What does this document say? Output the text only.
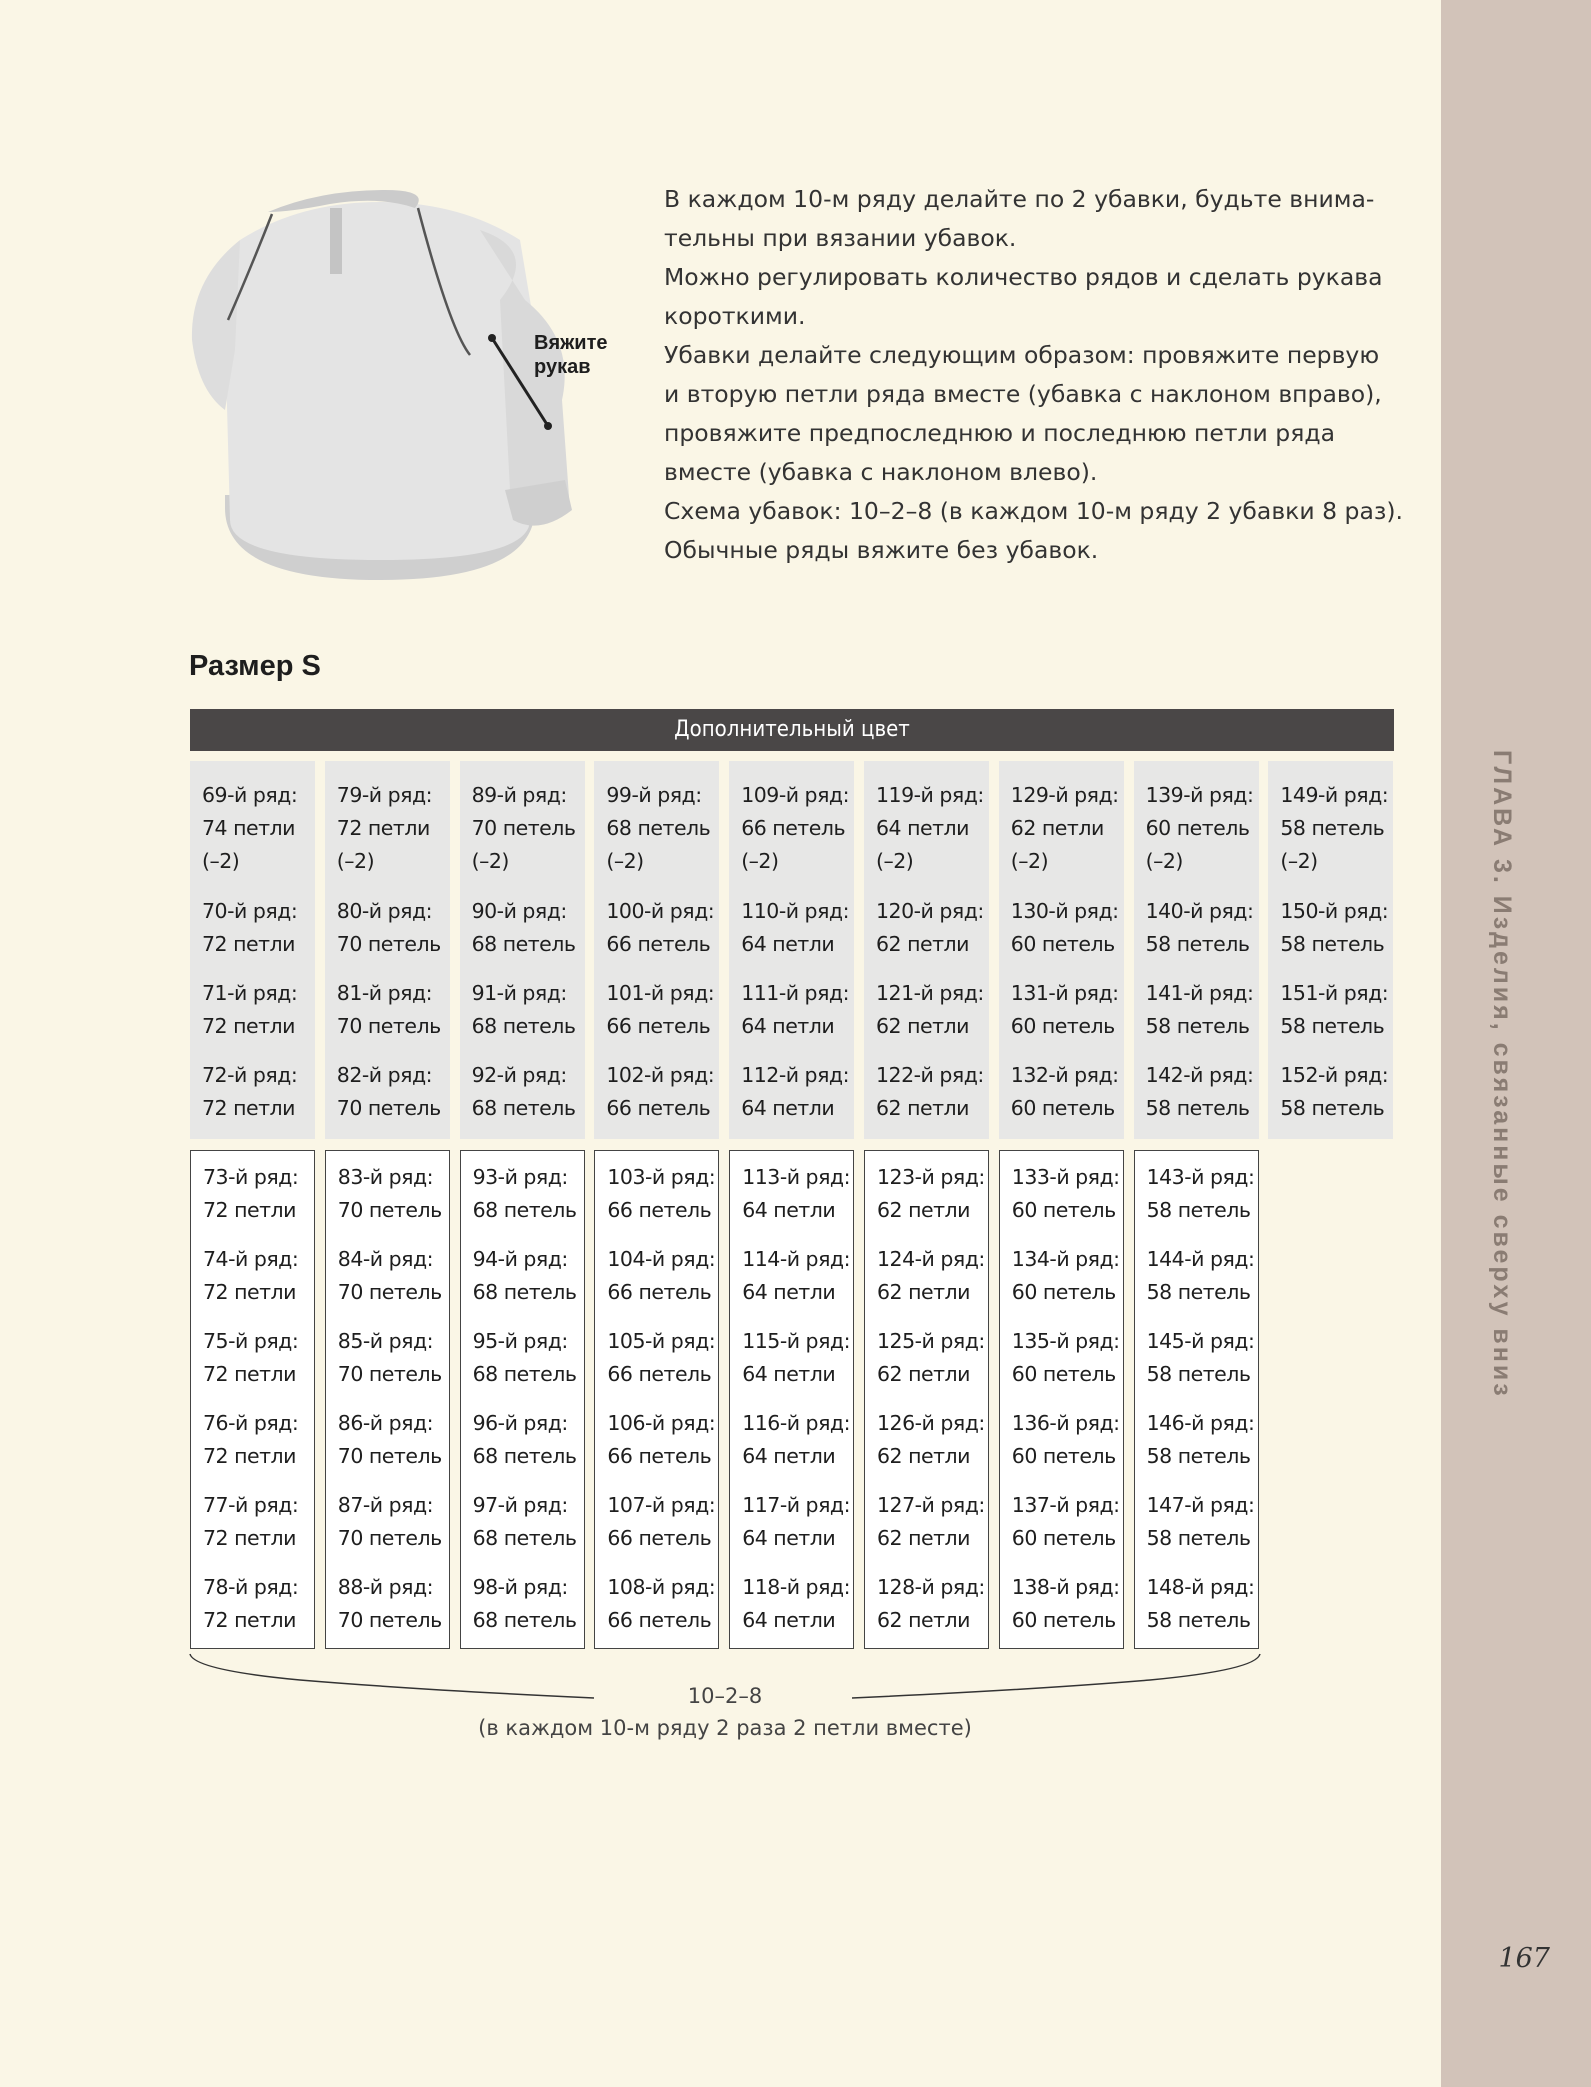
ГЛАВА 3. Изделия, связанные сверху вниз
167
Вяжите
рукав

В каждом 10-м ряду делайте по 2 убавки, будьте внима-

тельны при вязании убавок.

Можно регулировать количество рядов и сделать рукава

короткими.

Убавки делайте следующим образом: провяжите первую

и вторую петли ряда вместе (убавка с наклоном вправо),

провяжите предпоследнюю и последнюю петли ряда

вместе (убавка с наклоном влево).

Схема убавок: 10–2–8 (в каждом 10-м ряду 2 убавки 8 раз).

Обычные ряды вяжите без убавок.

Размер S
Дополнительный цвет
69-й ряд:
74 петли
(–2)
70-й ряд:
72 петли
71-й ряд:
72 петли
72-й ряд:
72 петли
79-й ряд:
72 петли
(–2)
80-й ряд:
70 петель
81-й ряд:
70 петель
82-й ряд:
70 петель
89-й ряд:
70 петель
(–2)
90-й ряд:
68 петель
91-й ряд:
68 петель
92-й ряд:
68 петель
99-й ряд:
68 петель
(–2)
100-й ряд:
66 петель
101-й ряд:
66 петель
102-й ряд:
66 петель
109-й ряд:
66 петель
(–2)
110-й ряд:
64 петли
111-й ряд:
64 петли
112-й ряд:
64 петли
119-й ряд:
64 петли
(–2)
120-й ряд:
62 петли
121-й ряд:
62 петли
122-й ряд:
62 петли
129-й ряд:
62 петли
(–2)
130-й ряд:
60 петель
131-й ряд:
60 петель
132-й ряд:
60 петель
139-й ряд:
60 петель
(–2)
140-й ряд:
58 петель
141-й ряд:
58 петель
142-й ряд:
58 петель
149-й ряд:
58 петель
(–2)
150-й ряд:
58 петель
151-й ряд:
58 петель
152-й ряд:
58 петель
73-й ряд:
72 петли
74-й ряд:
72 петли
75-й ряд:
72 петли
76-й ряд:
72 петли
77-й ряд:
72 петли
78-й ряд:
72 петли
83-й ряд:
70 петель
84-й ряд:
70 петель
85-й ряд:
70 петель
86-й ряд:
70 петель
87-й ряд:
70 петель
88-й ряд:
70 петель
93-й ряд:
68 петель
94-й ряд:
68 петель
95-й ряд:
68 петель
96-й ряд:
68 петель
97-й ряд:
68 петель
98-й ряд:
68 петель
103-й ряд:
66 петель
104-й ряд:
66 петель
105-й ряд:
66 петель
106-й ряд:
66 петель
107-й ряд:
66 петель
108-й ряд:
66 петель
113-й ряд:
64 петли
114-й ряд:
64 петли
115-й ряд:
64 петли
116-й ряд:
64 петли
117-й ряд:
64 петли
118-й ряд:
64 петли
123-й ряд:
62 петли
124-й ряд:
62 петли
125-й ряд:
62 петли
126-й ряд:
62 петли
127-й ряд:
62 петли
128-й ряд:
62 петли
133-й ряд:
60 петель
134-й ряд:
60 петель
135-й ряд:
60 петель
136-й ряд:
60 петель
137-й ряд:
60 петель
138-й ряд:
60 петель
143-й ряд:
58 петель
144-й ряд:
58 петель
145-й ряд:
58 петель
146-й ряд:
58 петель
147-й ряд:
58 петель
148-й ряд:
58 петель
10–2–8
(в каждом 10-м ряду 2 раза 2 петли вместе)
